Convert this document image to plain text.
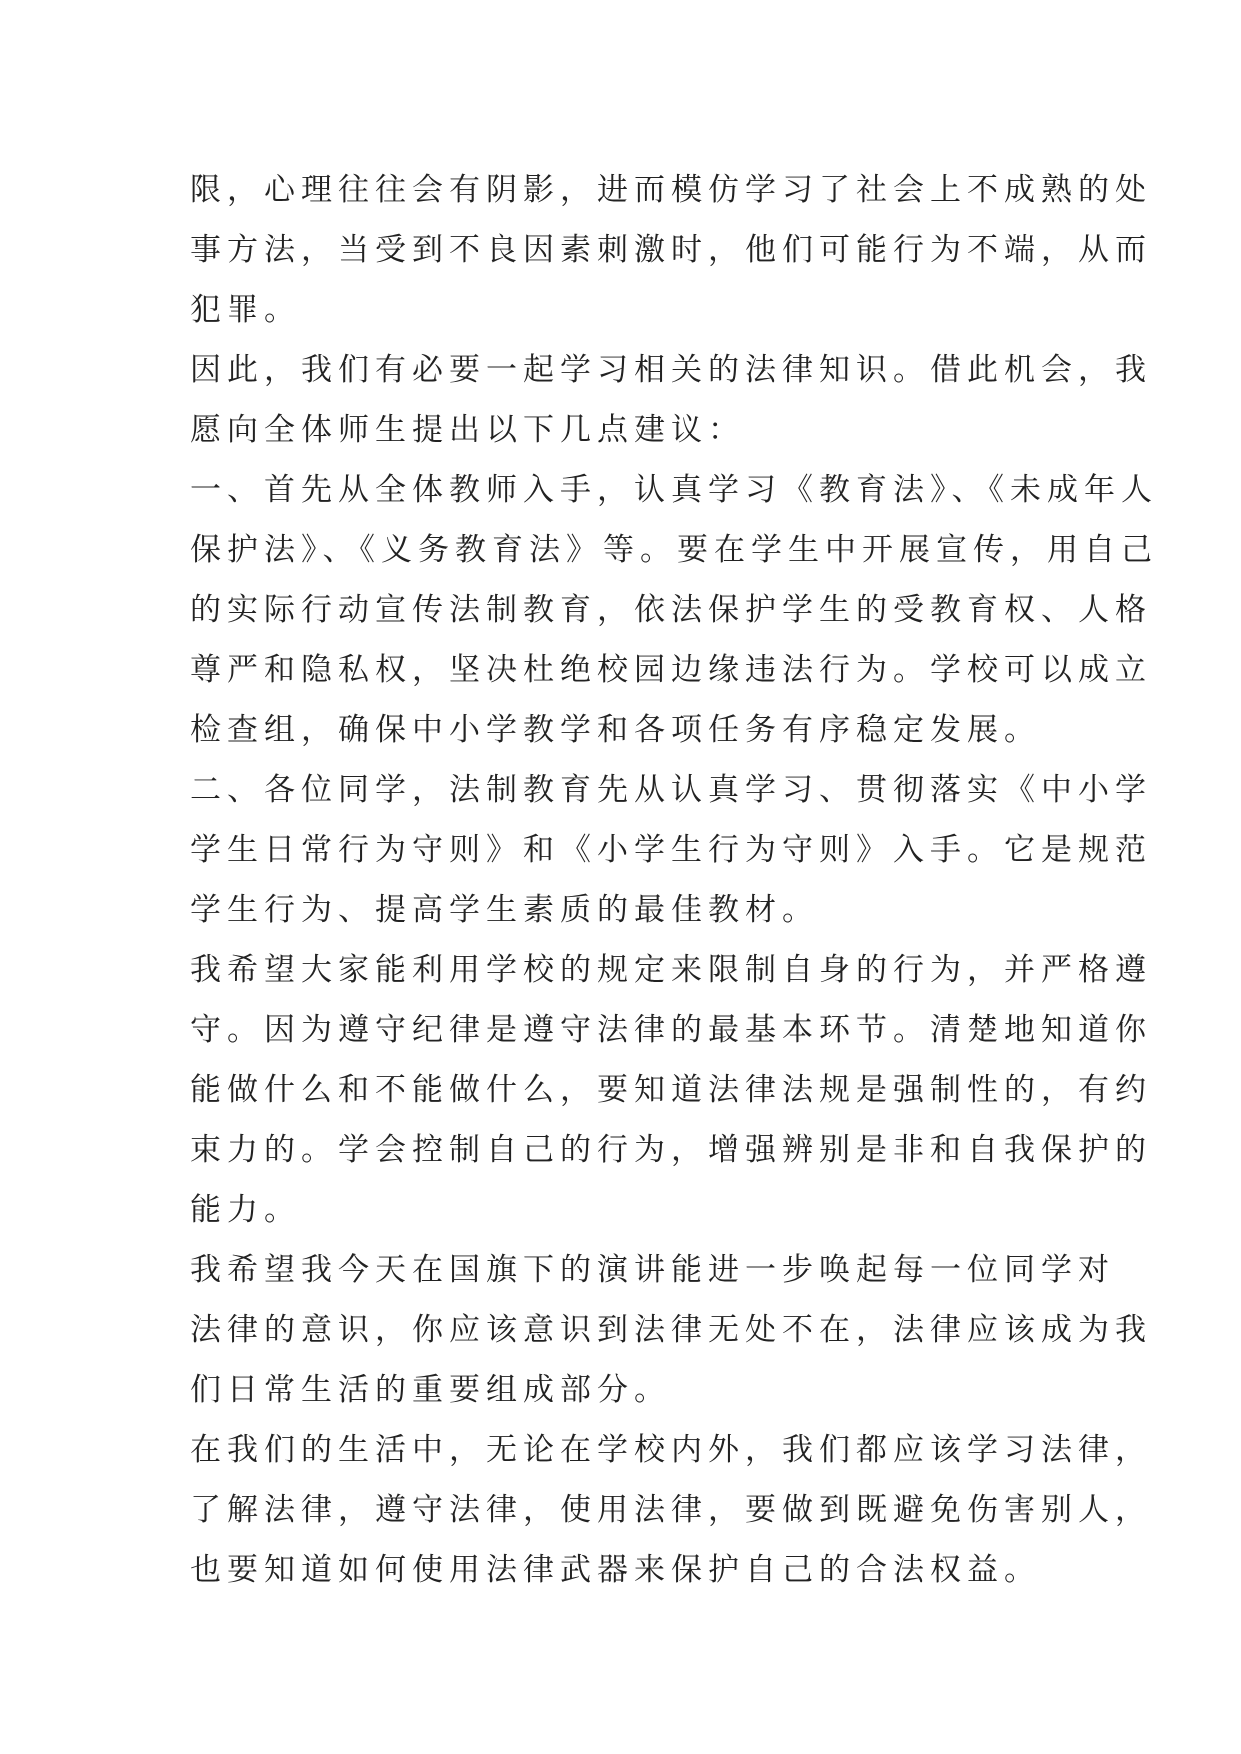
限，心理往往会有阴影，进而模仿学习了社会上不成熟的处
事方法，当受到不良因素刺激时，他们可能行为不端，从而
犯罪。
因此，我们有必要一起学习相关的法律知识。借此机会，我
愿向全体师生提出以下几点建议：
一、首先从全体教师入手，认真学习《教育法》、《未成年人
保护法》、《义务教育法》等。要在学生中开展宣传，用自己
的实际行动宣传法制教育，依法保护学生的受教育权、人格
尊严和隐私权，坚决杜绝校园边缘违法行为。学校可以成立
检查组，确保中小学教学和各项任务有序稳定发展。
二、各位同学，法制教育先从认真学习、贯彻落实《中小学
学生日常行为守则》和《小学生行为守则》入手。它是规范
学生行为、提高学生素质的最佳教材。
我希望大家能利用学校的规定来限制自身的行为，并严格遵
守。因为遵守纪律是遵守法律的最基本环节。清楚地知道你
能做什么和不能做什么，要知道法律法规是强制性的，有约
束力的。学会控制自己的行为，增强辨别是非和自我保护的
能力。
我希望我今天在国旗下的演讲能进一步唤起每一位同学对
法律的意识，你应该意识到法律无处不在，法律应该成为我
们日常生活的重要组成部分。
在我们的生活中，无论在学校内外，我们都应该学习法律，
了解法律，遵守法律，使用法律，要做到既避免伤害别人，
也要知道如何使用法律武器来保护自己的合法权益。
